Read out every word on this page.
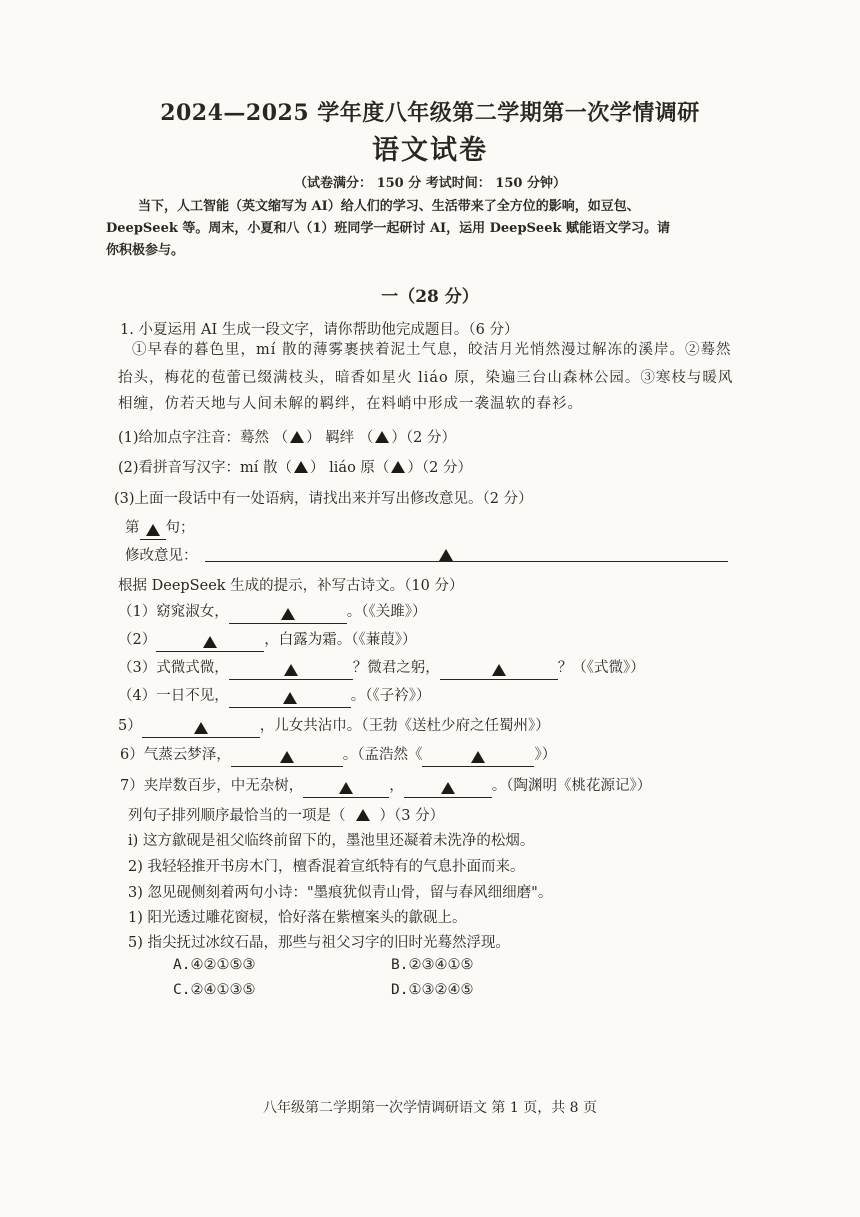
2024—2025 学年度八年级第二学期第一次学情调研
语文试卷
（试卷满分： 150 分 考试时间： 150 分钟）
当下，人工智能（英文缩写为 AI）给人们的学习、生活带来了全方位的影响，如豆包、
DeepSeek 等。周末，小夏和八（1）班同学一起研讨 AI，运用 DeepSeek 赋能语文学习。请
你积极参与。
一（28 分）
1. 小夏运用 AI 生成一段文字，请你帮助他完成题目。（6 分）
①早春的暮色里，mí 散的薄雾裹挟着泥土气息，皎洁月光悄然漫过解冻的溪岸。②蓦然
抬头，梅花的苞蕾已缀满枝头，暗香如星火 liáo 原，染遍三台山森林公园。③寒枝与暖风
相缠，仿若天地与人间未解的羁绊，在料峭中形成一袭温软的春衫。
(1)给加点字注音：蓦然 （ ） 羁绊 （ ）（2 分）
(2)看拼音写汉字：mí 散（ ） liáo 原（ ）（2 分）
(3)上面一段话中有一处语病，请找出来并写出修改意见。（2 分）
第 句；
修改意见：
根据 DeepSeek 生成的提示，补写古诗文。（10 分）
（1）窈窕淑女，	。（《关雎》）
（2）	，白露为霜。（《蒹葭》）
（3）式微式微，	？微君之躬，	？（《式微》）
（4）一日不见，	。（《子衿》）
5）	，儿女共沾巾。（王勃《送杜少府之任蜀州》）
6）气蒸云梦泽，	。（孟浩然《	》）
7）夹岸数百步，中无杂树，	，	。（陶渊明《桃花源记》）
列句子排列顺序最恰当的一项是（ ）（3 分）
i) 这方歙砚是祖父临终前留下的，墨池里还凝着未洗净的松烟。
2) 我轻轻推开书房木门，檀香混着宣纸特有的气息扑面而来。
3) 忽见砚侧刻着两句小诗："墨痕犹似青山骨，留与春风细细磨"。
1) 阳光透过雕花窗棂，恰好落在紫檀案头的歙砚上。
5) 指尖抚过冰纹石晶，那些与祖父习字的旧时光蓦然浮现。
A.④②①⑤③	B.②③④①⑤
C.②④①③⑤	D.①③②④⑤
八年级第二学期第一次学情调研语文 第 1 页，共 8 页
